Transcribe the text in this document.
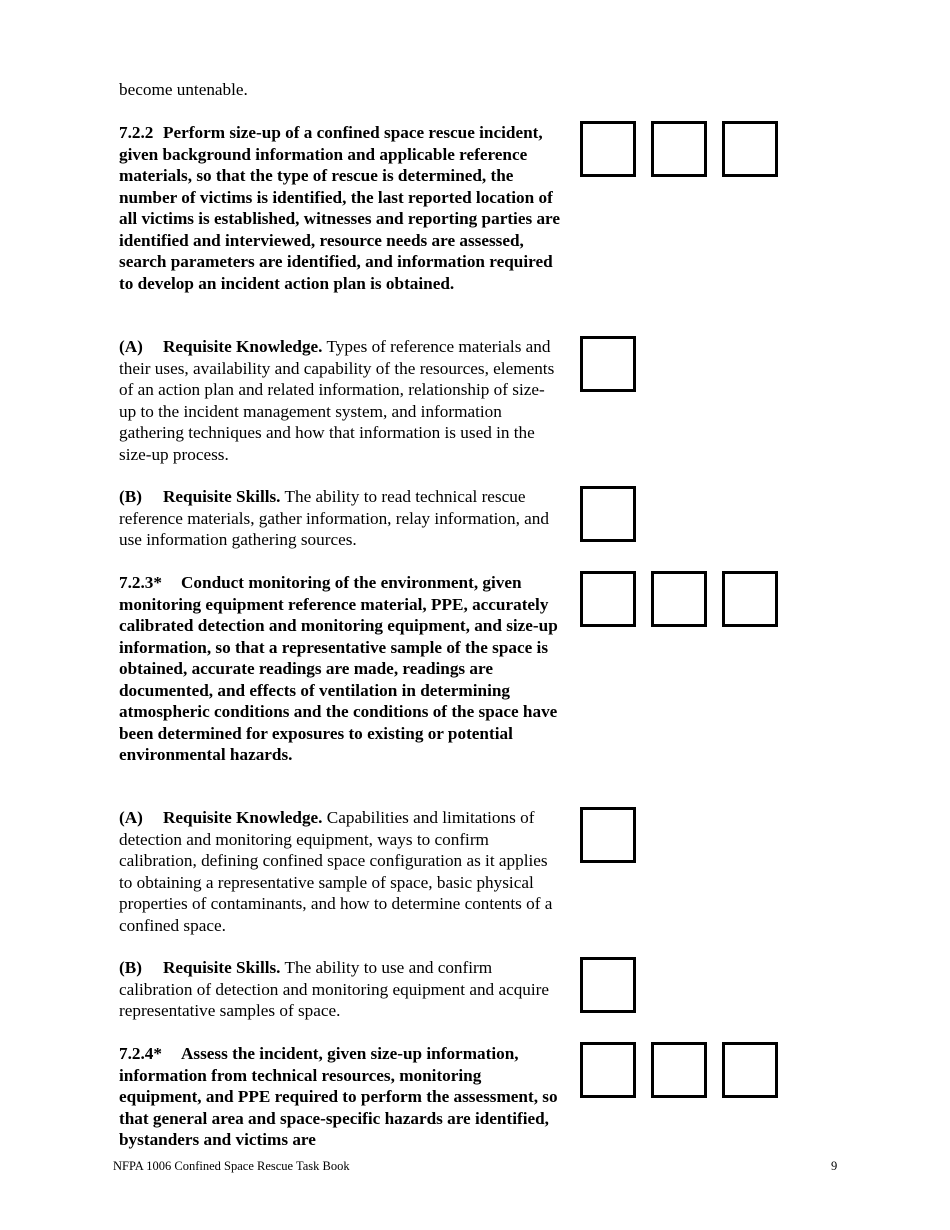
become untenable.

7.2.2 Perform size-up of a confined space rescue incident, given background information and applicable reference materials, so that the type of rescue is determined, the number of victims is identified, the last reported location of all victims is established, witnesses and reporting parties are identified and interviewed, resource needs are assessed, search parameters are identified, and information required to develop an incident action plan is obtained.
(A) Requisite Knowledge. Types of reference materials and their uses, availability and capability of the resources, elements of an action plan and related information, relationship of size-up to the incident management system, and information gathering techniques and how that information is used in the size-up process.
(B) Requisite Skills. The ability to read technical rescue reference materials, gather information, relay information, and use information gathering sources.
7.2.3* Conduct monitoring of the environment, given monitoring equipment reference material, PPE, accurately calibrated detection and monitoring equipment, and size-up information, so that a representative sample of the space is obtained, accurate readings are made, readings are documented, and effects of ventilation in determining atmospheric conditions and the conditions of the space have been determined for exposures to existing or potential environmental hazards.
(A) Requisite Knowledge. Capabilities and limitations of detection and monitoring equipment, ways to confirm calibration, defining confined space configuration as it applies to obtaining a representative sample of space, basic physical properties of contaminants, and how to determine contents of a confined space.
(B) Requisite Skills. The ability to use and confirm calibration of detection and monitoring equipment and acquire representative samples of space.
7.2.4* Assess the incident, given size-up information, information from technical resources, monitoring equipment, and PPE required to perform the assessment, so that general area and space-specific hazards are identified, bystanders and victims are
NFPA 1006 Confined Space Rescue Task Book	9
